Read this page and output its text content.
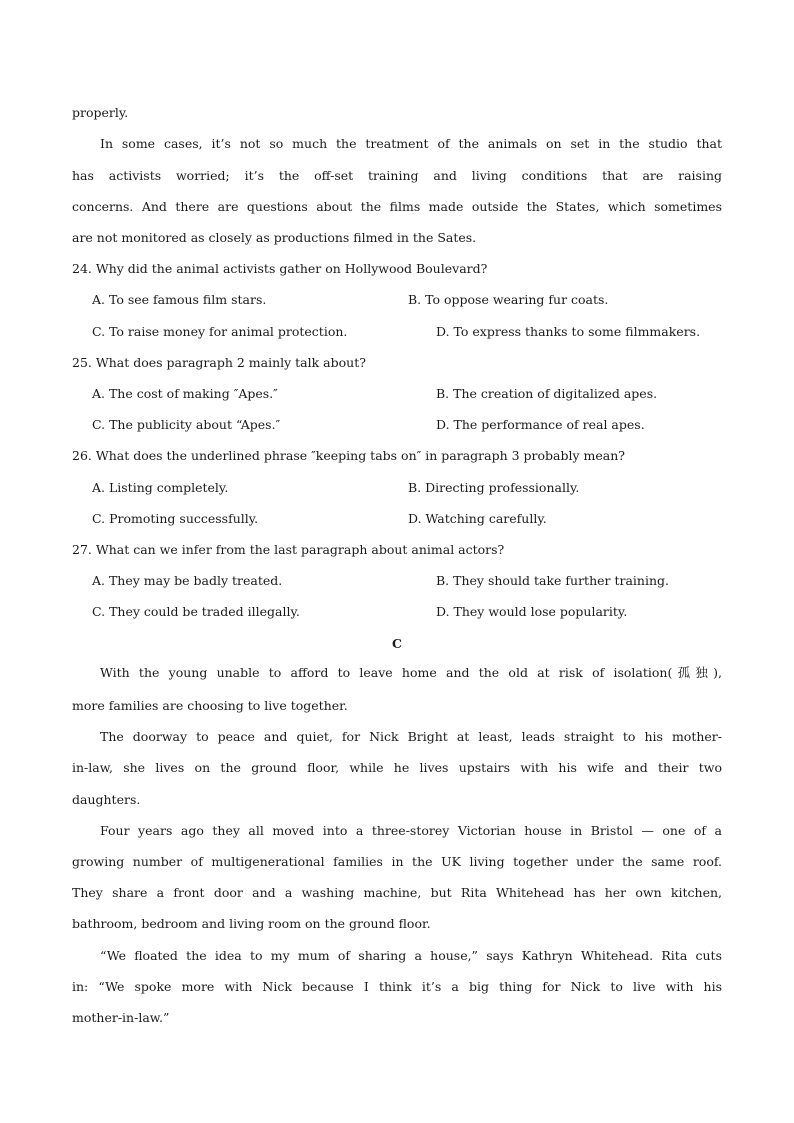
properly.
In some cases, it’s not so much the treatment of the animals on set in the studio that
has activists worried; it’s the off-set training and living conditions that are raising
concerns. And there are questions about the films made outside the States, which sometimes
are not monitored as closely as productions filmed in the Sates.
24. Why did the animal activists gather on Hollywood Boulevard?
A. To see famous film stars.	B. To oppose wearing fur coats.
C. To raise money for animal protection.	D. To express thanks to some filmmakers.
25. What does paragraph 2 mainly talk about?
A. The cost of making ″Apes.″	B. The creation of digitalized apes.
C. The publicity about “Apes.″	D. The performance of real apes.
26. What does the underlined phrase ″keeping tabs on″ in paragraph 3 probably mean?
A. Listing completely.	B. Directing professionally.
C. Promoting successfully.	D. Watching carefully.
27. What can we infer from the last paragraph about animal actors?
A. They may be badly treated.	B. They should take further training.
C. They could be traded illegally.	D. They would lose popularity.
C
With the young unable to afford to leave home and the old at risk of isolation(孤独),
more families are choosing to live together.
The doorway to peace and quiet, for Nick Bright at least, leads straight to his mother-
in-law, she lives on the ground floor, while he lives upstairs with his wife and their two
daughters.
Four years ago they all moved into a three-storey Victorian house in Bristol — one of a
growing number of multigenerational families in the UK living together under the same roof.
They share a front door and a washing machine, but Rita Whitehead has her own kitchen,
bathroom, bedroom and living room on the ground floor.
“We floated the idea to my mum of sharing a house,” says Kathryn Whitehead. Rita cuts
in: “We spoke more with Nick because I think it’s a big thing for Nick to live with his
mother-in-law.”
